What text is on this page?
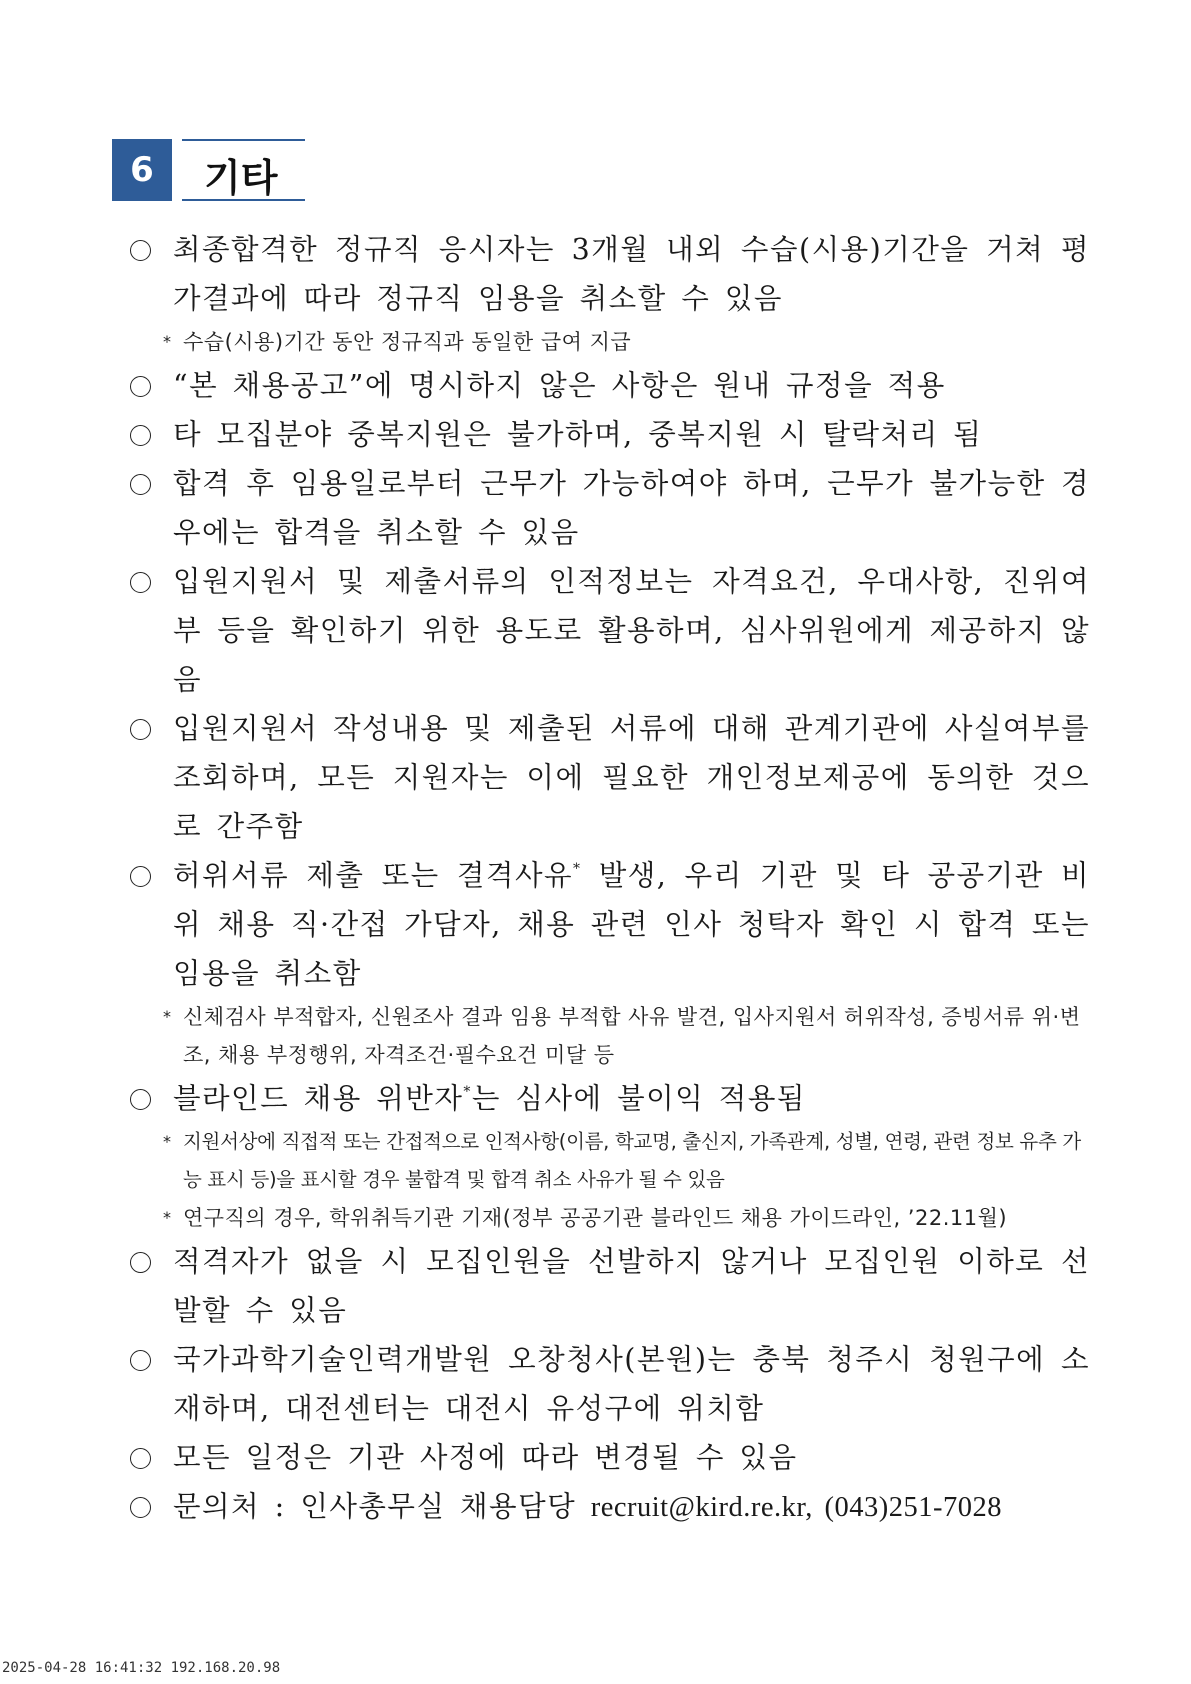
6	기타
최종합격한 정규직 응시자는 3개월 내외 수습(시용)기간을 거쳐 평가결과에 따라 정규직 임용을 취소할 수 있음
* 수습(시용)기간 동안 정규직과 동일한 급여 지급
“본 채용공고”에 명시하지 않은 사항은 원내 규정을 적용
타 모집분야 중복지원은 불가하며, 중복지원 시 탈락처리 됨
합격 후 임용일로부터 근무가 가능하여야 하며, 근무가 불가능한 경우에는 합격을 취소할 수 있음
입원지원서 및 제출서류의 인적정보는 자격요건, 우대사항, 진위여부 등을 확인하기 위한 용도로 활용하며, 심사위원에게 제공하지 않음
입원지원서 작성내용 및 제출된 서류에 대해 관계기관에 사실여부를 조회하며, 모든 지원자는 이에 필요한 개인정보제공에 동의한 것으로 간주함
허위서류 제출 또는 결격사유* 발생, 우리 기관 및 타 공공기관 비위 채용 직·간접 가담자, 채용 관련 인사 청탁자 확인 시 합격 또는 임용을 취소함
* 신체검사 부적합자, 신원조사 결과 임용 부적합 사유 발견, 입사지원서 허위작성, 증빙서류 위·변조, 채용 부정행위, 자격조건·필수요건 미달 등
블라인드 채용 위반자*는 심사에 불이익 적용됨
* 지원서상에 직접적 또는 간접적으로 인적사항(이름, 학교명, 출신지, 가족관계, 성별, 연령, 관련 정보 유추 가능 표시 등)을 표시할 경우 불합격 및 합격 취소 사유가 될 수 있음
* 연구직의 경우, 학위취득기관 기재(정부 공공기관 블라인드 채용 가이드라인, ’22.11월)
적격자가 없을 시 모집인원을 선발하지 않거나 모집인원 이하로 선발할 수 있음
국가과학기술인력개발원 오창청사(본원)는 충북 청주시 청원구에 소재하며, 대전센터는 대전시 유성구에 위치함
모든 일정은 기관 사정에 따라 변경될 수 있음
문의처 : 인사총무실 채용담당 recruit@kird.re.kr, (043)251-7028
2025-04-28 16:41:32 192.168.20.98
